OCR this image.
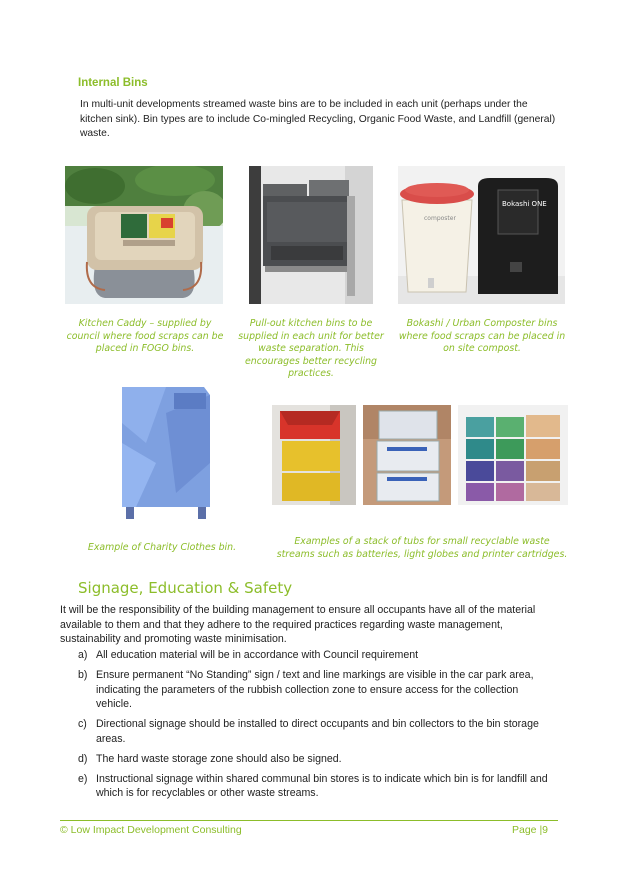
Internal Bins
In multi-unit developments streamed waste bins are to be included in each unit (perhaps under the kitchen sink). Bin types are to include Co-mingled Recycling, Organic Food Waste, and Landfill (general) waste.
composter
Bokashi ONE
Kitchen Caddy – supplied by council where food scraps can be placed in FOGO bins.
Pull-out kitchen bins to be supplied in each unit for better waste separation. This encourages better recycling practices.
Bokashi / Urban Composter bins where food scraps can be placed in on site compost.
Example of Charity Clothes bin.
Examples of a stack of tubs for small recyclable waste streams such as batteries, light globes and printer cartridges.
Signage, Education & Safety
It will be the responsibility of the building management to ensure all occupants have all of the material available to them and that they adhere to the required practices regarding waste management, sustainability and promoting waste minimisation.
a) All education material will be in accordance with Council requirement
b) Ensure permanent “No Standing” sign / text and line markings are visible in the car park area, indicating the parameters of the rubbish collection zone to ensure access for the collection vehicle.
c) Directional signage should be installed to direct occupants and bin collectors to the bin storage areas.
d) The hard waste storage zone should also be signed.
e) Instructional signage within shared communal bin stores is to indicate which bin is for landfill and which is for recyclables or other waste streams.
© Low Impact Development Consulting	Page |9
